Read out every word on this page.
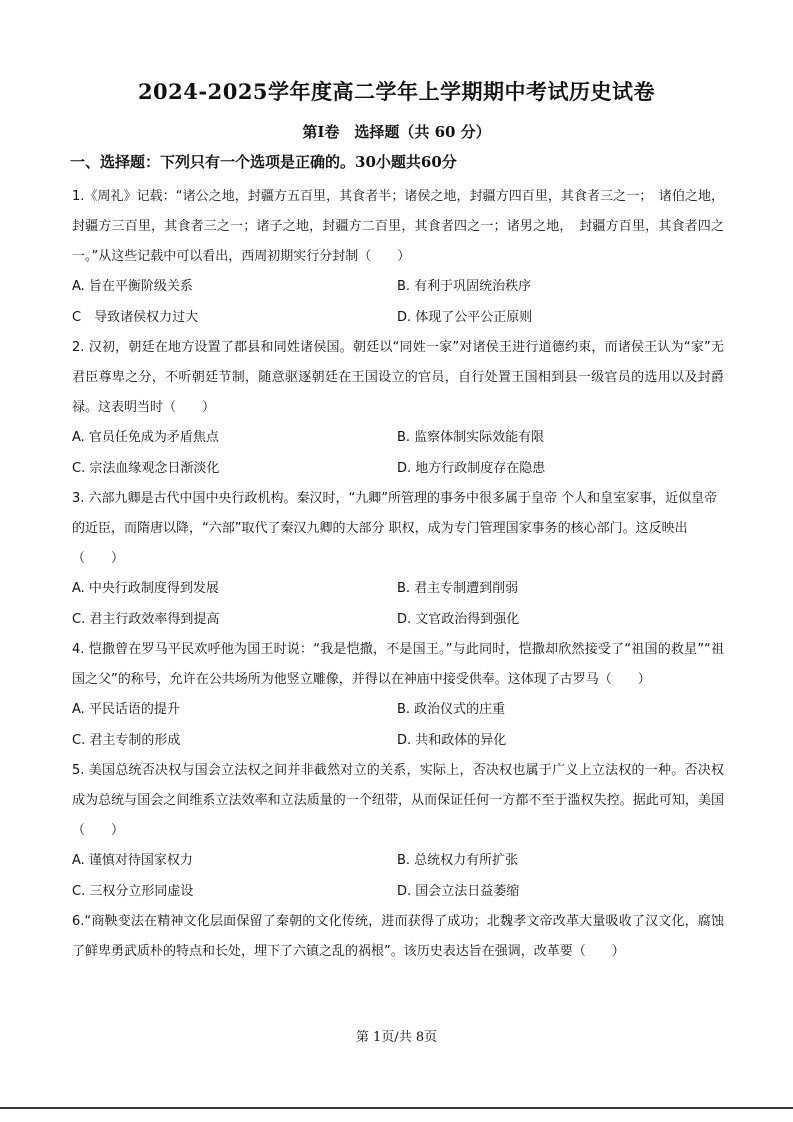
2024-2025学年度高二学年上学期期中考试历史试卷
第Ⅰ卷　选择题（共 60 分）
一、选择题：下列只有一个选项是正确的。30小题共60分

1.《周礼》记载：“诸公之地，封疆方五百里，其食者半；诸侯之地，封疆方四百里，其食者三之一；　诸伯之地，封疆方三百里，其食者三之一；诸子之地，封疆方二百里，其食者四之一；诸男之地，　封疆方百里，其食者四之一。”从这些记载中可以看出，西周初期实行分封制（　　）

A. 旨在平衡阶级关系	B. 有利于巩固统治秩序
C　导致诸侯权力过大	D. 体现了公平公正原则

2. 汉初，朝廷在地方设置了郡县和同姓诸侯国。朝廷以“同姓一家”对诸侯王进行道德约束，而诸侯王认为“家”无君臣尊卑之分，不听朝廷节制，随意驱逐朝廷在王国设立的官员，自行处置王国相到县一级官员的选用以及封爵禄。这表明当时（　　）

A. 官员任免成为矛盾焦点	B. 监察体制实际效能有限
C. 宗法血缘观念日渐淡化	D. 地方行政制度存在隐患

3. 六部九卿是古代中国中央行政机构。秦汉时，“九卿”所管理的事务中很多属于皇帝 个人和皇室家事，近似皇帝的近臣，而隋唐以降，“六部”取代了秦汉九卿的大部分 职权，成为专门管理国家事务的核心部门。这反映出（　　）

A. 中央行政制度得到发展	B. 君主专制遭到削弱
C. 君主行政效率得到提高	D. 文官政治得到强化

4. 恺撒曾在罗马平民欢呼他为国王时说：“我是恺撒，不是国王。”与此同时，恺撒却欣然接受了“祖国的救星”“祖国之父”的称号，允许在公共场所为他竖立雕像，并得以在神庙中接受供奉。这体现了古罗马（　　）

A. 平民话语的提升	B. 政治仪式的庄重
C. 君主专制的形成	D. 共和政体的异化

5. 美国总统否决权与国会立法权之间并非截然对立的关系，实际上，否决权也属于广义上立法权的一种。否决权成为总统与国会之间维系立法效率和立法质量的一个纽带，从而保证任何一方都不至于滥权失控。据此可知，美国（　　）

A. 谨慎对待国家权力	B. 总统权力有所扩张
C. 三权分立形同虚设	D. 国会立法日益萎缩

6.“商鞅变法在精神文化层面保留了秦朝的文化传统，进而获得了成功；北魏孝文帝改革大量吸收了汉文化，腐蚀了鲜卑勇武质朴的特点和长处，埋下了六镇之乱的祸根”。该历史表达旨在强调，改革要（　　）

第 1页/共 8页
